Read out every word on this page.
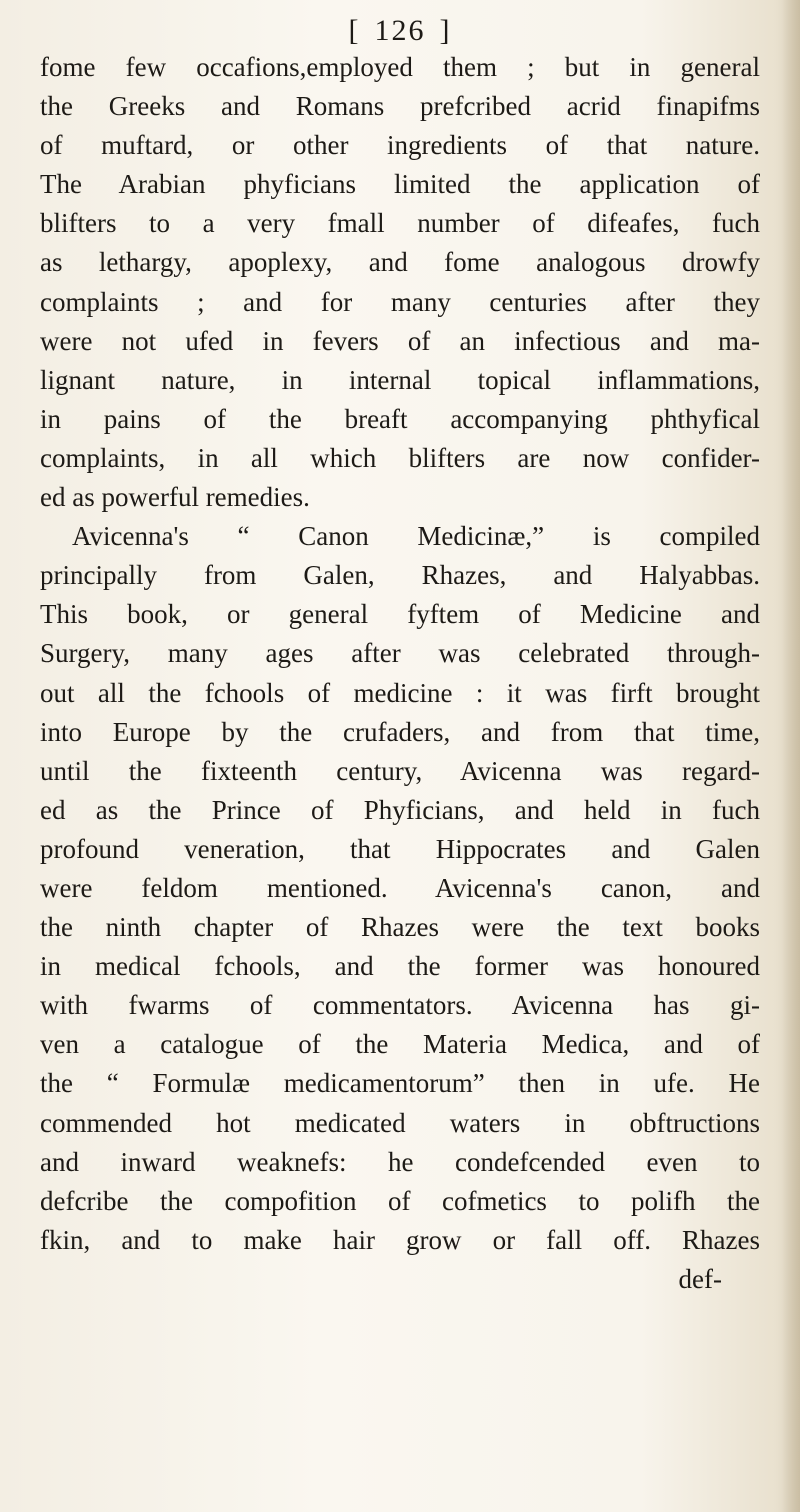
[ 126 ]
fome few occafions,employed them ; but in general
the Greeks and Romans prefcribed acrid finapifms
of muftard, or other ingredients of that nature.
The Arabian phyficians limited the application of
blifters to a very fmall number of difeafes, fuch
as lethargy, apoplexy, and fome analogous drowfy
complaints ; and for many centuries after they
were not ufed in fevers of an infectious and ma-
lignant nature, in internal topical inflammations,
in pains of the breaft accompanying phthyfical
complaints, in all which blifters are now confider-
ed as powerful remedies.
Avicenna's “ Canon Medicinæ,” is compiled
principally from Galen, Rhazes, and Halyabbas.
This book, or general fyftem of Medicine and
Surgery, many ages after was celebrated through-
out all the fchools of medicine : it was firft brought
into Europe by the crufaders, and from that time,
until the fixteenth century, Avicenna was regard-
ed as the Prince of Phyficians, and held in fuch
profound veneration, that Hippocrates and Galen
were feldom mentioned. Avicenna's canon, and
the ninth chapter of Rhazes were the text books
in medical fchools, and the former was honoured
with fwarms of commentators. Avicenna has gi-
ven a catalogue of the Materia Medica, and of
the “ Formulæ medicamentorum” then in ufe. He
commended hot medicated waters in obftructions
and inward weaknefs: he condefcended even to
defcribe the compofition of cofmetics to polifh the
fkin, and to make hair grow or fall off. Rhazes
def-
